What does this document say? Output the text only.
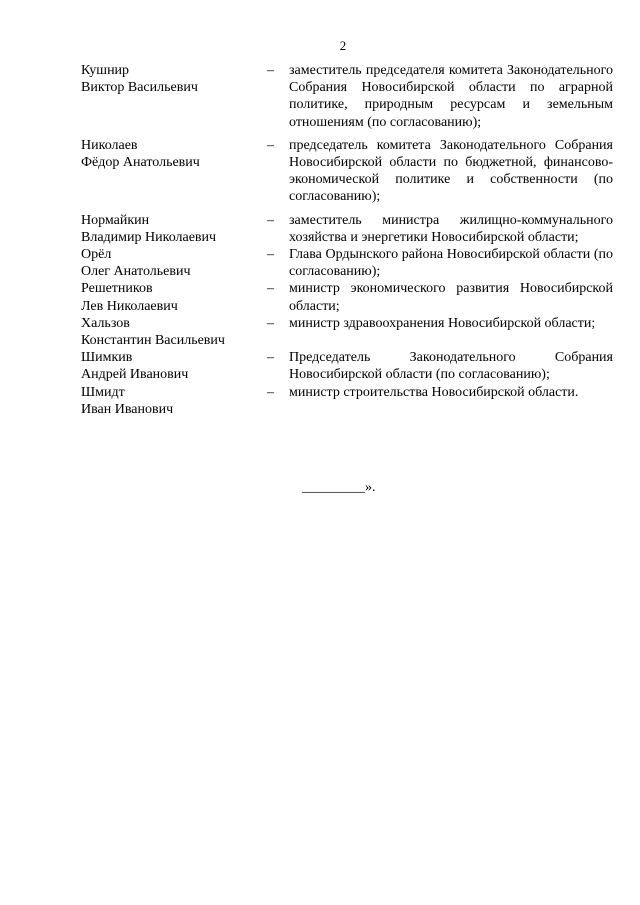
2
Кушнир
Виктор Васильевич
–	заместитель председателя комитета Законодательного Собрания Новосибирской области по аграрной политике, природным ресурсам и земельным отношениям (по согласованию);
Николаев
Фёдор Анатольевич
–	председатель комитета Законодательного Собрания Новосибирской области по бюджетной, финансово-экономической политике и собственности (по согласованию);
Нормайкин
Владимир Николаевич
–	заместитель министра жилищно-коммунального хозяйства и энергетики Новосибирской области;
Орёл
Олег Анатольевич
–	Глава Ордынского района Новосибирской области (по согласованию);
Решетников
Лев Николаевич
–	министр экономического развития Новосибирской области;
Хальзов
Константин Васильевич
–	министр здравоохранения Новосибирской области;
Шимкив
Андрей Иванович
–	Председатель Законодательного Собрания Новосибирской области (по согласованию);
Шмидт
Иван Иванович
–	министр строительства Новосибирской области.
_________».
